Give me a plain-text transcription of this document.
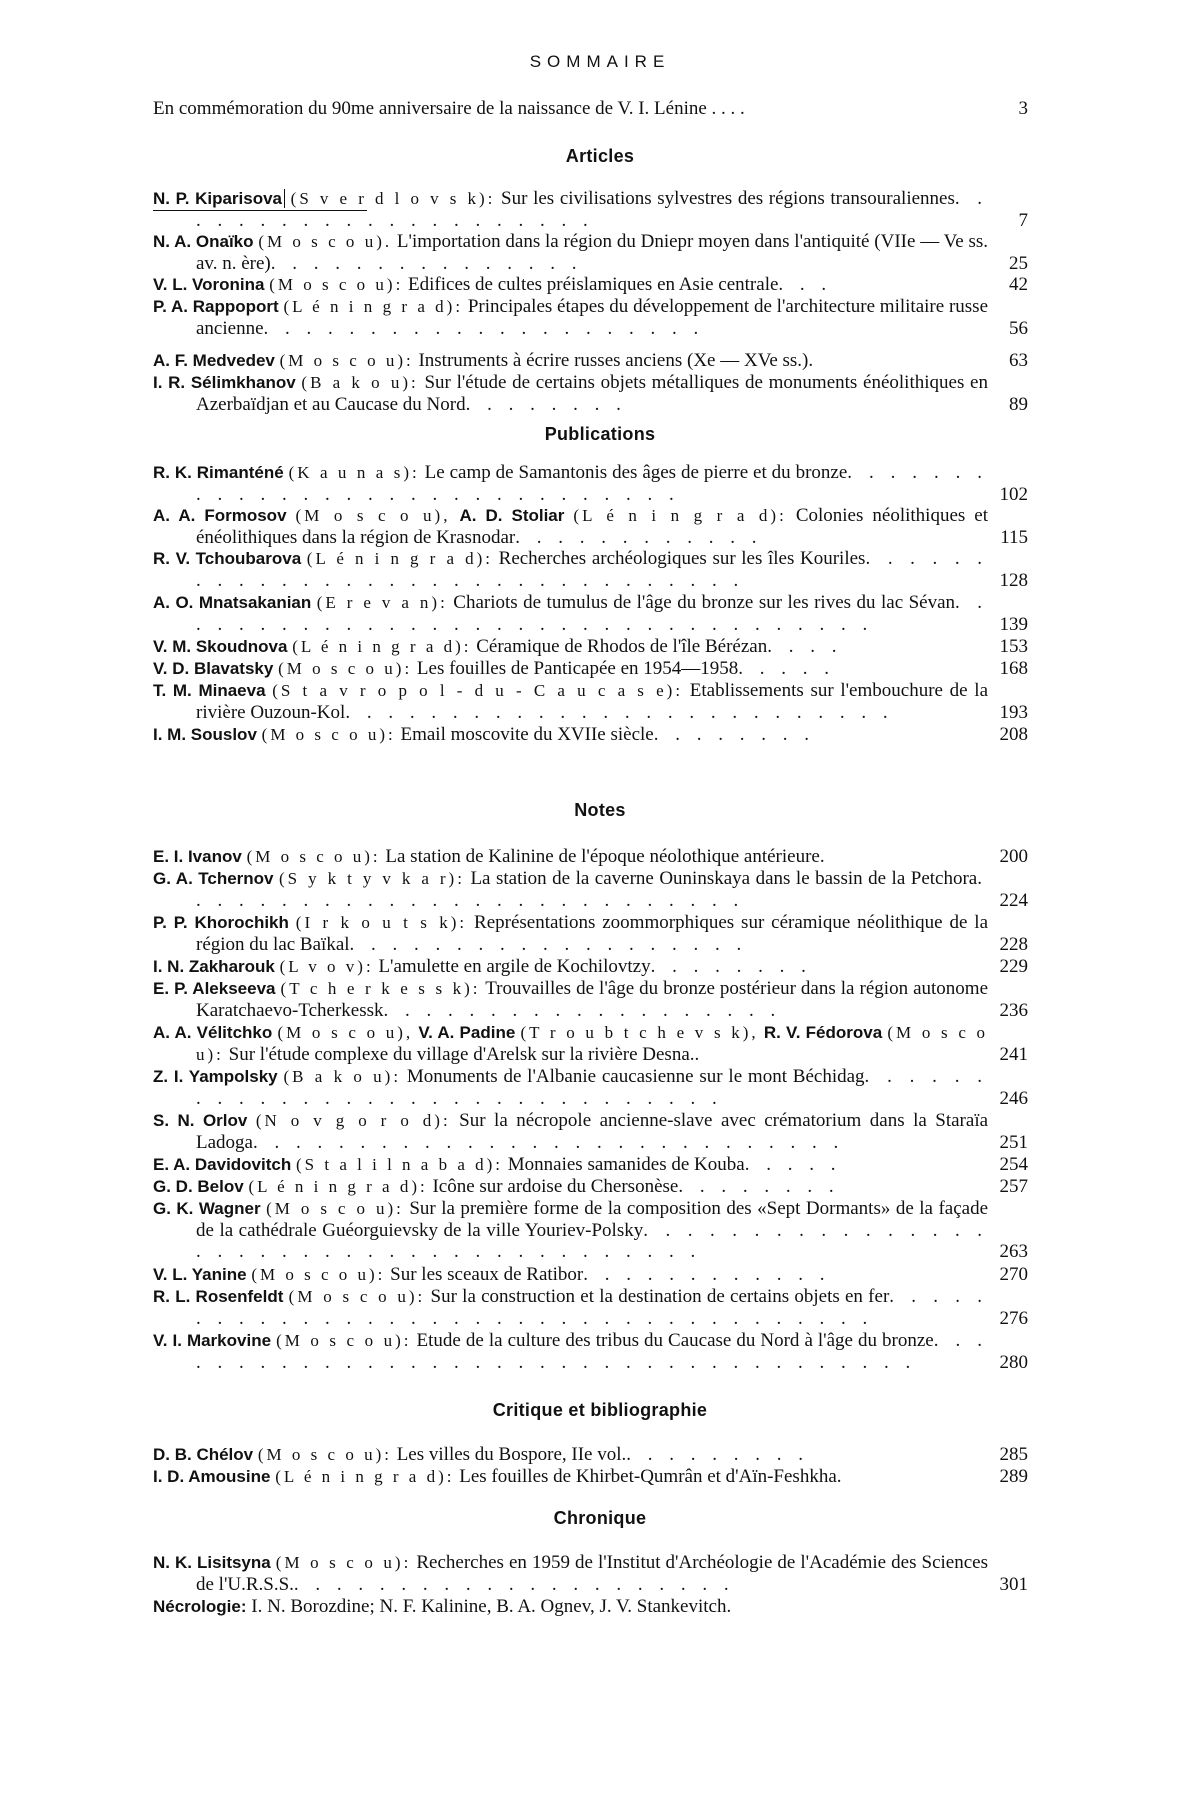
SOMMAIRE
En commémoration du 90me anniversaire de la naissance de V. I. Lénine . . . .	3
Articles
N. P. Kiparisova (S v e r d l o v s k): Sur les civilisations sylvestres des régions transouraliennes. . . . . . . . . . . . . . . . . . . . .	7
N. A. Onaïko (M o s c o u). L'importation dans la région du Dniepr moyen dans l'antiquité (VIIe — Ve ss. av. n. ère). . . . . . . . . . . . . . .	25
V. L. Voronina (M o s c o u): Edifices de cultes préislamiques en Asie centrale. . .	42
P. A. Rappoport (L é n i n g r a d): Principales étapes du développement de l'architecture militaire russe ancienne. . . . . . . . . . . . . . . . . . . . .	56
A. F. Medvedev (M o s c o u): Instruments à écrire russes anciens (Xe — XVe ss.).	63
I. R. Sélimkhanov (B a k o u): Sur l'étude de certains objets métalliques de monuments énéolithiques en Azerbaïdjan et au Caucase du Nord. . . . . . . .	89
Publications
R. K. Rimanténé (K a u n a s): Le camp de Samantonis des âges de pierre et du bronze. . . . . . . . . . . . . . . . . . . . . . . . . . . . . .	102
A. A. Formosov (M o s c o u), A. D. Stoliar (L é n i n g r a d): Colonies néolithiques et énéolithiques dans la région de Krasnodar. . . . . . . . . . . .	115
R. V. Tchoubarova (L é n i n g r a d): Recherches archéologiques sur les îles Kouriles. . . . . . . . . . . . . . . . . . . . . . . . . . . . . . . .	128
A. O. Mnatsakanian (E r e v a n): Chariots de tumulus de l'âge du bronze sur les rives du lac Sévan. . . . . . . . . . . . . . . . . . . . . . . . . . . . . . . . . .	139
V. M. Skoudnova (L é n i n g r a d): Céramique de Rhodos de l'île Bérézan. . . .	153
V. D. Blavatsky (M o s c o u): Les fouilles de Panticapée en 1954—1958. . . . .	168
T. M. Minaeva (S t a v r o p o l - d u - C a u c a s e): Etablissements sur l'embouchure de la rivière Ouzoun-Kol. . . . . . . . . . . . . . . . . . . . . . . . . .	193
I. M. Souslov (M o s c o u): Email moscovite du XVIIe siècle. . . . . . . .	208
Notes
E. I. Ivanov (M o s c o u): La station de Kalinine de l'époque néolothique antérieure.	200
G. A. Tchernov (S y k t y v k a r): La station de la caverne Ouninskaya dans le bassin de la Petchora. . . . . . . . . . . . . . . . . . . . . . . . . . .	224
P. P. Khorochikh (I r k o u t s k): Représentations zoommorphiques sur céramique néolithique de la région du lac Baïkal. . . . . . . . . . . . . . . . . . .	228
I. N. Zakharouk (L v o v): L'amulette en argile de Kochilovtzy. . . . . . . .	229
E. P. Alekseeva (T c h e r k e s s k): Trouvailles de l'âge du bronze postérieur dans la région autonome Karatchaevo-Tcherkessk. . . . . . . . . . . . . . . . . . .	236
A. A. Vélitchko (M o s c o u), V. A. Padine (T r o u b t c h e v s k), R. V. Fédorova (M o s c o u): Sur l'étude complexe du village d'Arelsk sur la rivière Desna..	241
Z. I. Yampolsky (B a k o u): Monuments de l'Albanie caucasienne sur le mont Béchidag. . . . . . . . . . . . . . . . . . . . . . . . . . . . . . .	246
S. N. Orlov (N o v g o r o d): Sur la nécropole ancienne-slave avec crématorium dans la Staraïa Ladoga. . . . . . . . . . . . . . . . . . . . . . . . . . . .	251
E. A. Davidovitch (S t a l i l n a b a d): Monnaies samanides de Kouba. . . . .	254
G. D. Belov (L é n i n g r a d): Icône sur ardoise du Chersonèse. . . . . . . .	257
G. K. Wagner (M o s c o u): Sur la première forme de la composition des «Sept Dormants» de la façade de la cathédrale Guéorguievsky de la ville Youriev-Polsky. . . . . . . . . . . . . . . . . . . . . . . . . . . . . . . . . . . . . . . .	263
V. L. Yanine (M o s c o u): Sur les sceaux de Ratibor. . . . . . . . . . . .	270
R. L. Rosenfeldt (M o s c o u): Sur la construction et la destination de certains objets en fer. . . . . . . . . . . . . . . . . . . . . . . . . . . . . . . . . . . . .	276
V. I. Markovine (M o s c o u): Etude de la culture des tribus du Caucase du Nord à l'âge du bronze. . . . . . . . . . . . . . . . . . . . . . . . . . . . . . . . . . . . .	280
Critique et bibliographie
D. B. Chélov (M o s c o u): Les villes du Bospore, IIe vol.. . . . . . . . .	285
I. D. Amousine (L é n i n g r a d): Les fouilles de Khirbet-Qumrân et d'Aïn-Feshkha.	289
Chronique
N. K. Lisitsyna (M o s c o u): Recherches en 1959 de l'Institut d'Archéologie de l'Académie des Sciences de l'U.R.S.S.. . . . . . . . . . . . . . . . . . . . .	301
Nécrologie: I. N. Borozdine; N. F. Kalinine, B. A. Ognev, J. V. Stankevitch.
